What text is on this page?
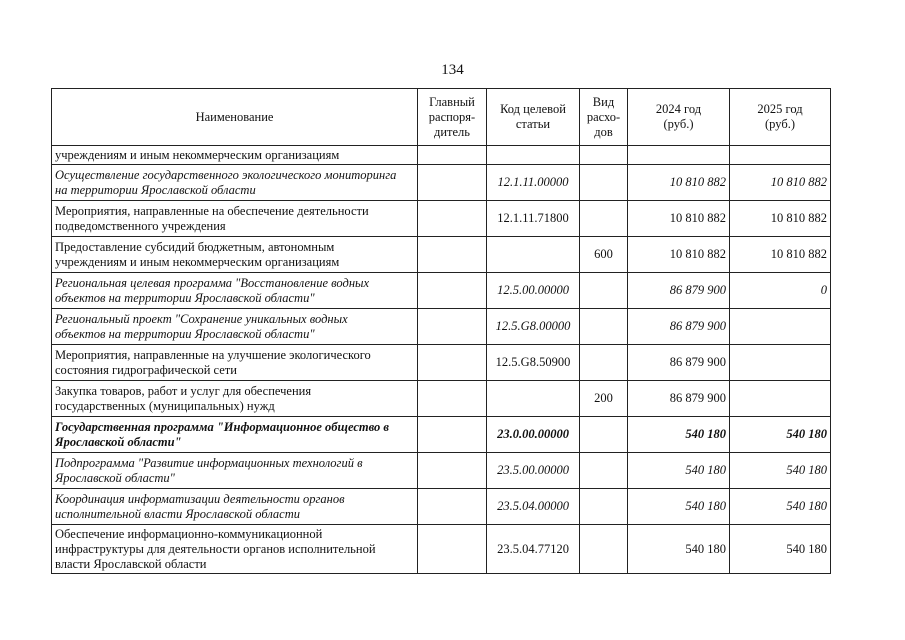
134
Наименование	Главный
распоря-
дитель	Код целевой
статьи	Вид
расхо-
дов	2024 год
(руб.)	2025 год
(руб.)
учреждениям и иным некоммерческим организациям					
Осуществление государственного экологического мониторинга
на территории Ярославской области		12.1.11.00000		10 810 882	10 810 882
Мероприятия, направленные на обеспечение деятельности
подведомственного учреждения		12.1.11.71800		10 810 882	10 810 882
Предоставление субсидий бюджетным, автономным
учреждениям и иным некоммерческим организациям			600	10 810 882	10 810 882
Региональная целевая программа "Восстановление водных
объектов на территории Ярославской области"		12.5.00.00000		86 879 900	0
Региональный проект "Сохранение уникальных водных
объектов на территории Ярославской области"		12.5.G8.00000		86 879 900	
Мероприятия, направленные на улучшение экологического
состояния гидрографической сети		12.5.G8.50900		86 879 900	
Закупка товаров, работ и услуг для обеспечения
государственных (муниципальных) нужд			200	86 879 900	
Государственная программа "Информационное общество в
Ярославской области"		23.0.00.00000		540 180	540 180
Подпрограмма "Развитие информационных технологий в
Ярославской области"		23.5.00.00000		540 180	540 180
Координация информатизации деятельности органов
исполнительной власти Ярославской области		23.5.04.00000		540 180	540 180
Обеспечение информационно-коммуникационной
инфраструктуры для деятельности органов исполнительной
власти Ярославской области		23.5.04.77120		540 180	540 180
